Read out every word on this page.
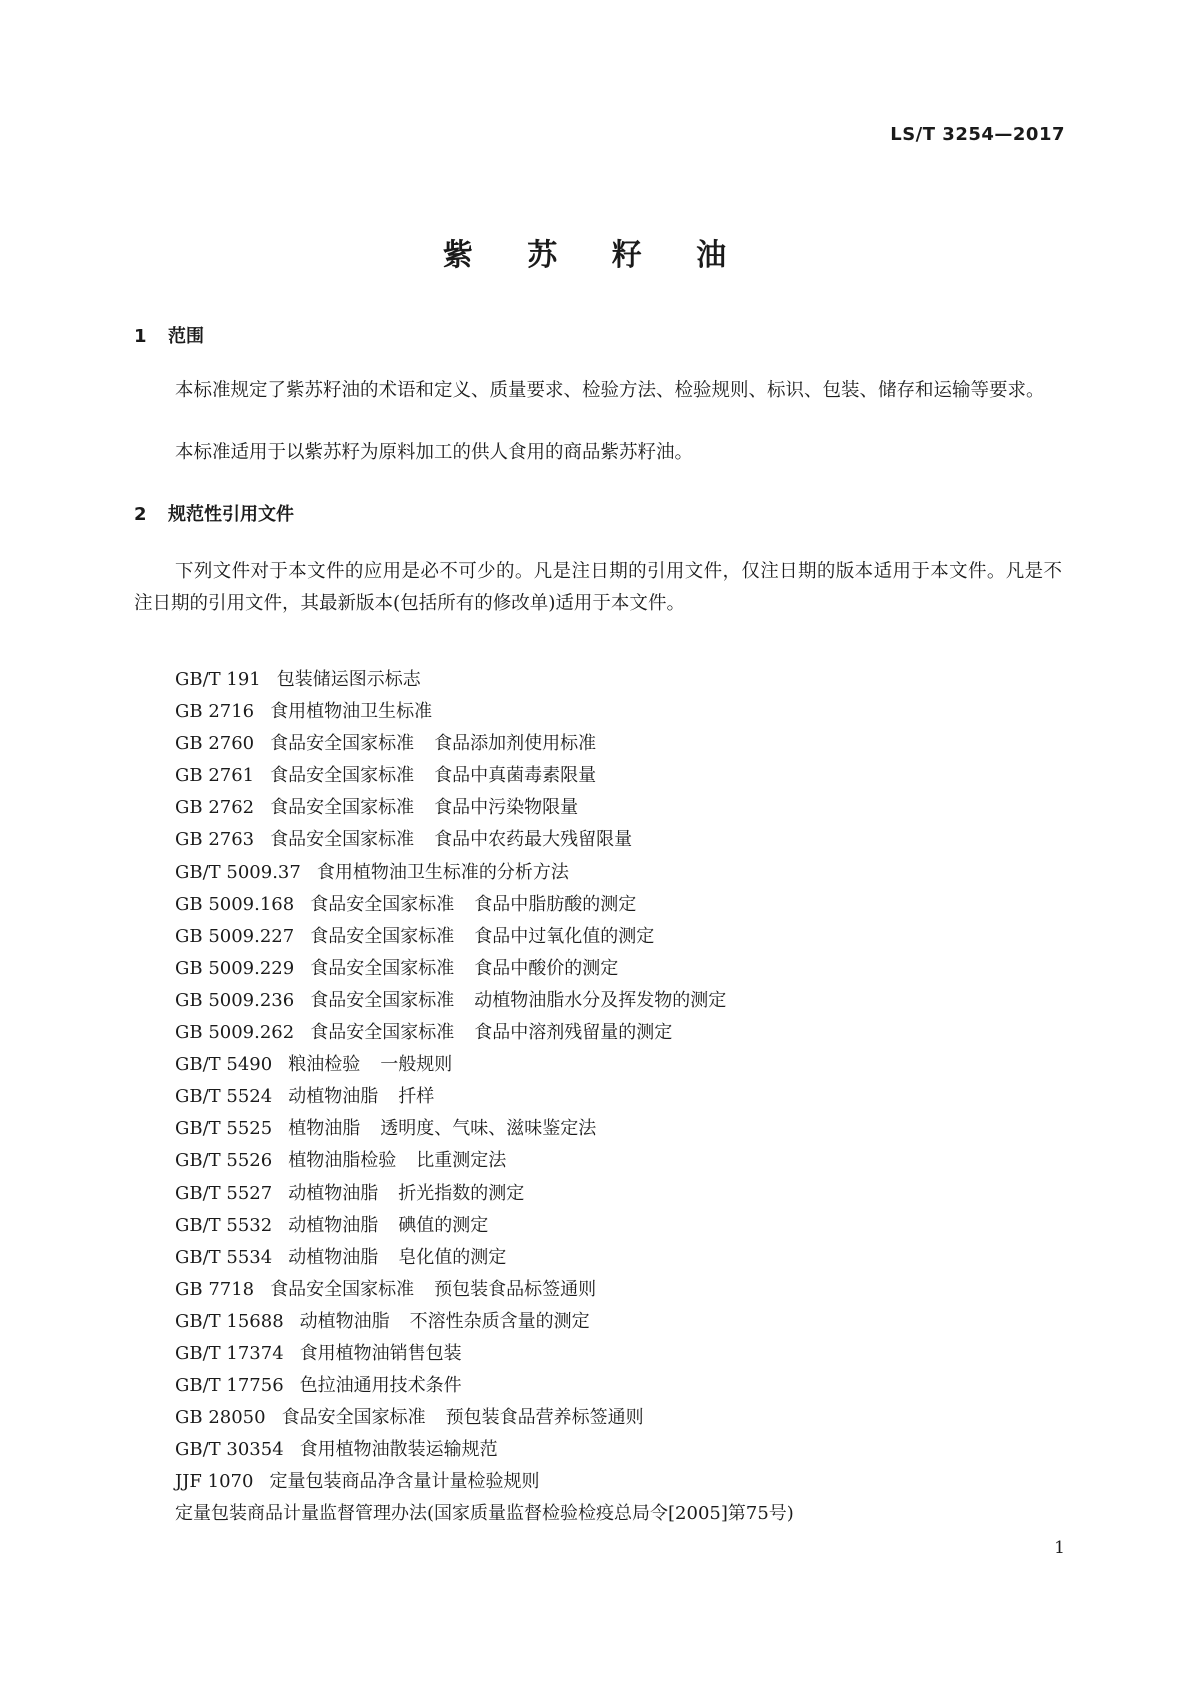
LS/T 3254—2017
紫 苏 籽 油
1 范围

本标准规定了紫苏籽油的术语和定义、质量要求、检验方法、检验规则、标识、包装、储存和运输等要求。

本标准适用于以紫苏籽为原料加工的供人食用的商品紫苏籽油。

2 规范性引用文件

下列文件对于本文件的应用是必不可少的。凡是注日期的引用文件，仅注日期的版本适用于本文件。凡是不注日期的引用文件，其最新版本(包括所有的修改单)适用于本文件。

GB/T 191 包装储运图示标志
GB 2716 食用植物油卫生标准
GB 2760 食品安全国家标准 食品添加剂使用标准
GB 2761 食品安全国家标准 食品中真菌毒素限量
GB 2762 食品安全国家标准 食品中污染物限量
GB 2763 食品安全国家标准 食品中农药最大残留限量
GB/T 5009.37 食用植物油卫生标准的分析方法
GB 5009.168 食品安全国家标准 食品中脂肪酸的测定
GB 5009.227 食品安全国家标准 食品中过氧化值的测定
GB 5009.229 食品安全国家标准 食品中酸价的测定
GB 5009.236 食品安全国家标准 动植物油脂水分及挥发物的测定
GB 5009.262 食品安全国家标准 食品中溶剂残留量的测定
GB/T 5490 粮油检验 一般规则
GB/T 5524 动植物油脂 扦样
GB/T 5525 植物油脂 透明度、气味、滋味鉴定法
GB/T 5526 植物油脂检验 比重测定法
GB/T 5527 动植物油脂 折光指数的测定
GB/T 5532 动植物油脂 碘值的测定
GB/T 5534 动植物油脂 皂化值的测定
GB 7718 食品安全国家标准 预包装食品标签通则
GB/T 15688 动植物油脂 不溶性杂质含量的测定
GB/T 17374 食用植物油销售包装
GB/T 17756 色拉油通用技术条件
GB 28050 食品安全国家标准 预包装食品营养标签通则
GB/T 30354 食用植物油散装运输规范
JJF 1070 定量包装商品净含量计量检验规则
定量包装商品计量监督管理办法(国家质量监督检验检疫总局令[2005]第75号)
1
